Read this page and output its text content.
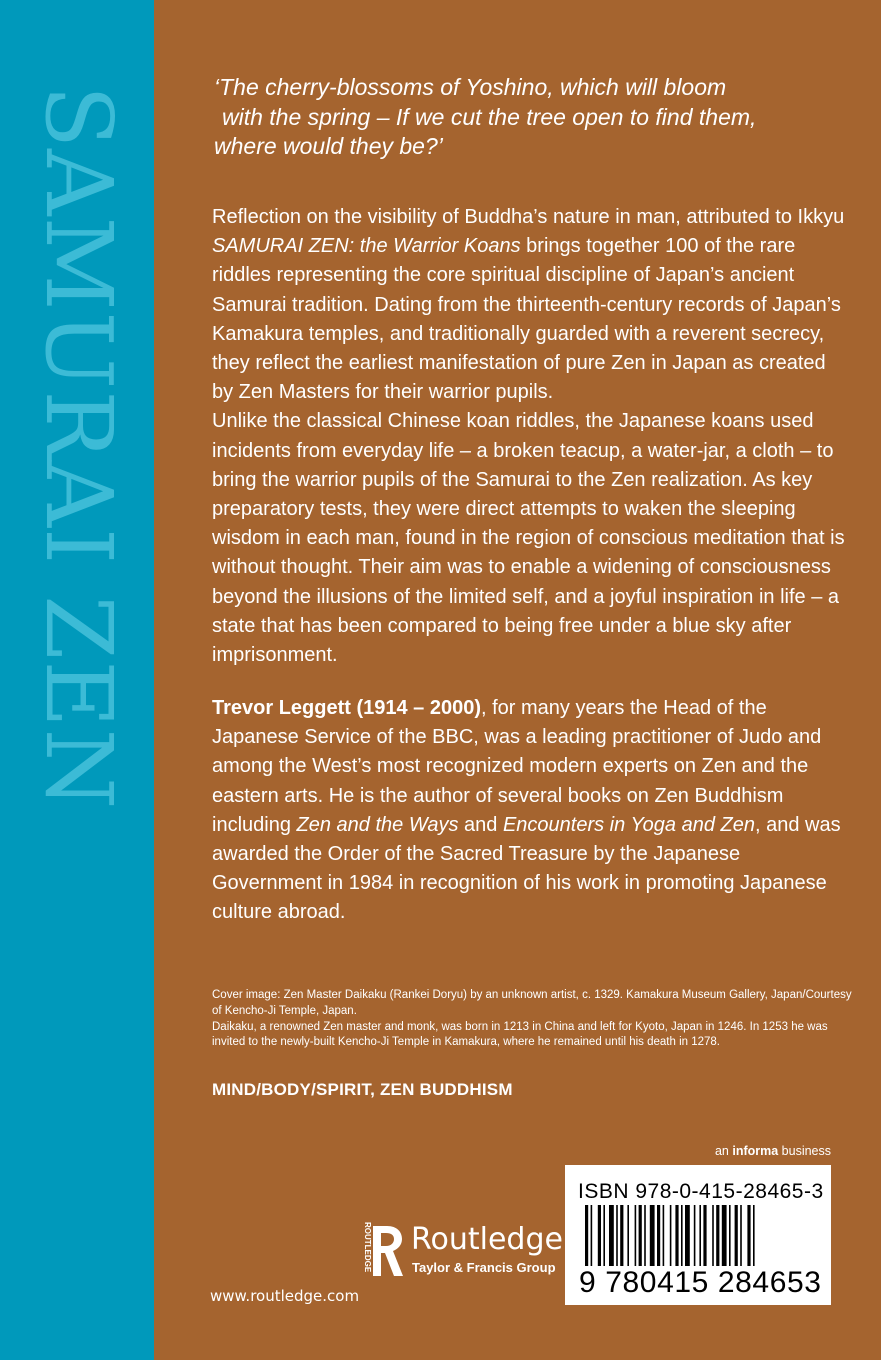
SAMURAI ZEN	‘The cherry-blossoms of Yoshino, which will bloom
with the spring – If we cut the tree open to find them,
where would they be?’

Reflection on the visibility of Buddha’s nature in man, attributed to Ikkyu

SAMURAI ZEN: the Warrior Koans brings together 100 of the rare riddles representing the core spiritual discipline of Japan’s ancient Samurai tradition. Dating from the thirteenth-century records of Japan’s Kamakura temples, and traditionally guarded with a reverent secrecy, they reflect the earliest manifestation of pure Zen in Japan as created by Zen Masters for their warrior pupils.

Unlike the classical Chinese koan riddles, the Japanese koans used incidents from everyday life – a broken teacup, a water-jar, a cloth – to bring the warrior pupils of the Samurai to the Zen realization. As key preparatory tests, they were direct attempts to waken the sleeping wisdom in each man, found in the region of conscious meditation that is without thought. Their aim was to enable a widening of consciousness beyond the illusions of the limited self, and a joyful inspiration in life – a state that has been compared to being free under a blue sky after imprisonment.

Trevor Leggett (1914 – 2000), for many years the Head of the Japanese Service of the BBC, was a leading practitioner of Judo and among the West’s most recognized modern experts on Zen and the eastern arts. He is the author of several books on Zen Buddhism including Zen and the Ways and Encounters in Yoga and Zen, and was awarded the Order of the Sacred Treasure by the Japanese Government in 1984 in recognition of his work in promoting Japanese culture abroad.
Cover image: Zen Master Daikaku (Rankei Doryu) by an unknown artist, c. 1329. Kamakura Museum Gallery, Japan/Courtesy of Kencho-Ji Temple, Japan.
Daikaku, a renowned Zen master and monk, was born in 1213 in China and left for Kyoto, Japan in 1246. In 1253 he was invited to the newly-built Kencho-Ji Temple in Kamakura, where he remained until his death in 1278.
MIND/BODY/SPIRIT, ZEN BUDDHISM
an informa business
ROUTLEDGE Routledge
Taylor & Francis Group
www.routledge.com
ISBN 978-0-415-28465-3
9 780415 284653
